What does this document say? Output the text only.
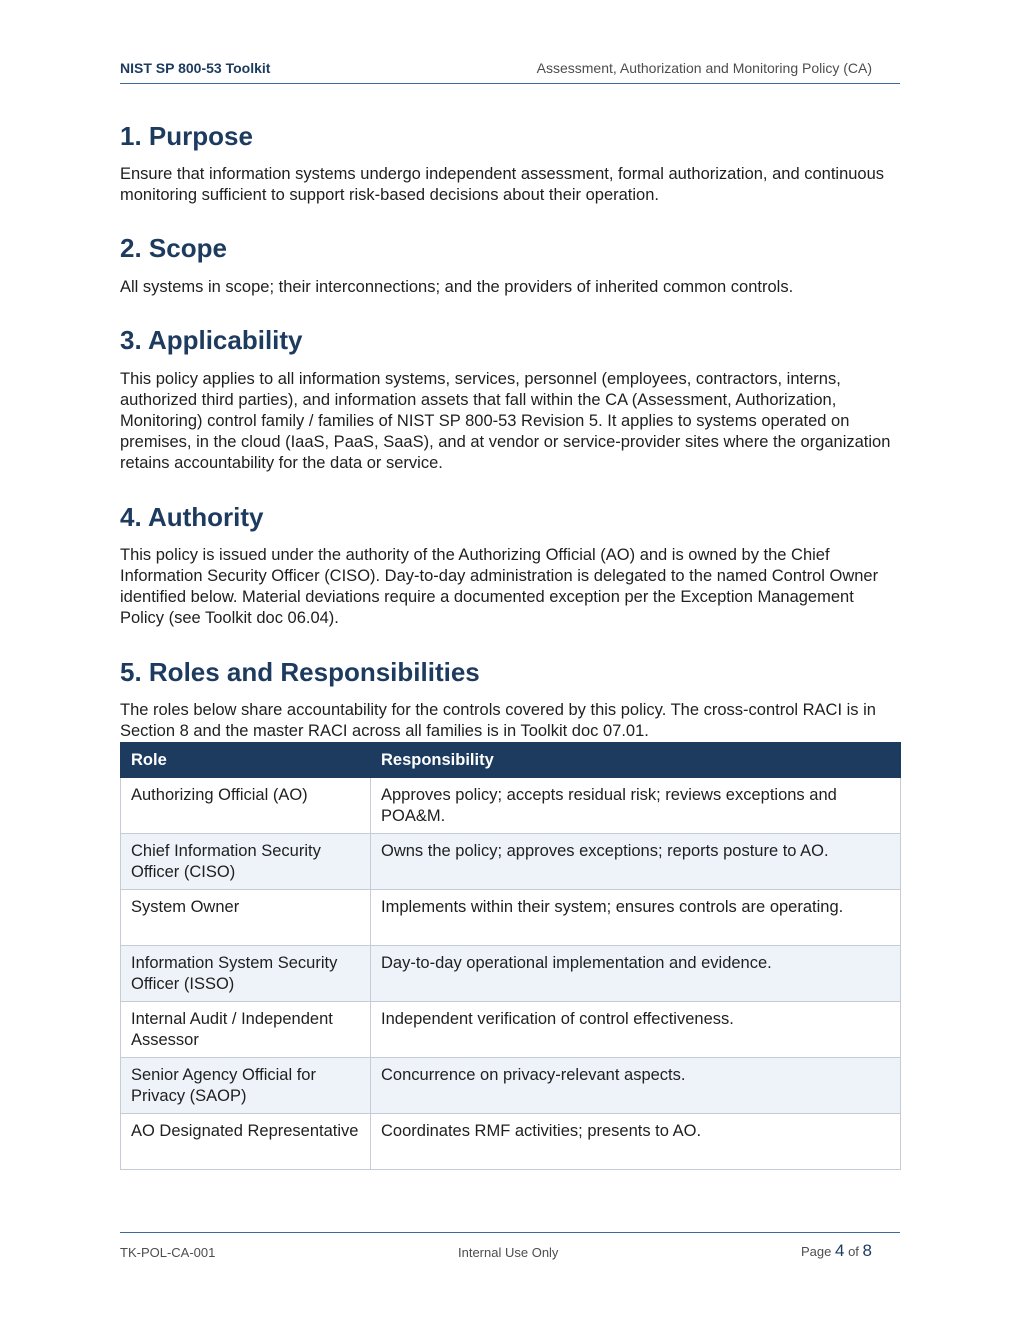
NIST SP 800-53 Toolkit	Assessment, Authorization and Monitoring Policy (CA)
1. Purpose

Ensure that information systems undergo independent assessment, formal authorization, and continuous monitoring sufficient to support risk-based decisions about their operation.

2. Scope

All systems in scope; their interconnections; and the providers of inherited common controls.

3. Applicability

This policy applies to all information systems, services, personnel (employees, contractors, interns, authorized third parties), and information assets that fall within the CA (Assessment, Authorization, Monitoring) control family / families of NIST SP 800-53 Revision 5. It applies to systems operated on premises, in the cloud (IaaS, PaaS, SaaS), and at vendor or service-provider sites where the organization retains accountability for the data or service.

4. Authority

This policy is issued under the authority of the Authorizing Official (AO) and is owned by the Chief Information Security Officer (CISO). Day-to-day administration is delegated to the named Control Owner identified below. Material deviations require a documented exception per the Exception Management Policy (see Toolkit doc 06.04).

5. Roles and Responsibilities

The roles below share accountability for the controls covered by this policy. The cross-control RACI is in Section 8 and the master RACI across all families is in Toolkit doc 07.01.

Role	Responsibility
Authorizing Official (AO)	Approves policy; accepts residual risk; reviews exceptions and POA&M.
Chief Information Security Officer (CISO)	Owns the policy; approves exceptions; reports posture to AO.
System Owner	Implements within their system; ensures controls are operating.
Information System Security Officer (ISSO)	Day-to-day operational implementation and evidence.
Internal Audit / Independent Assessor	Independent verification of control effectiveness.
Senior Agency Official for Privacy (SAOP)	Concurrence on privacy-relevant aspects.
AO Designated Representative	Coordinates RMF activities; presents to AO.
TK-POL-CA-001	Internal Use Only	Page 4 of 8
